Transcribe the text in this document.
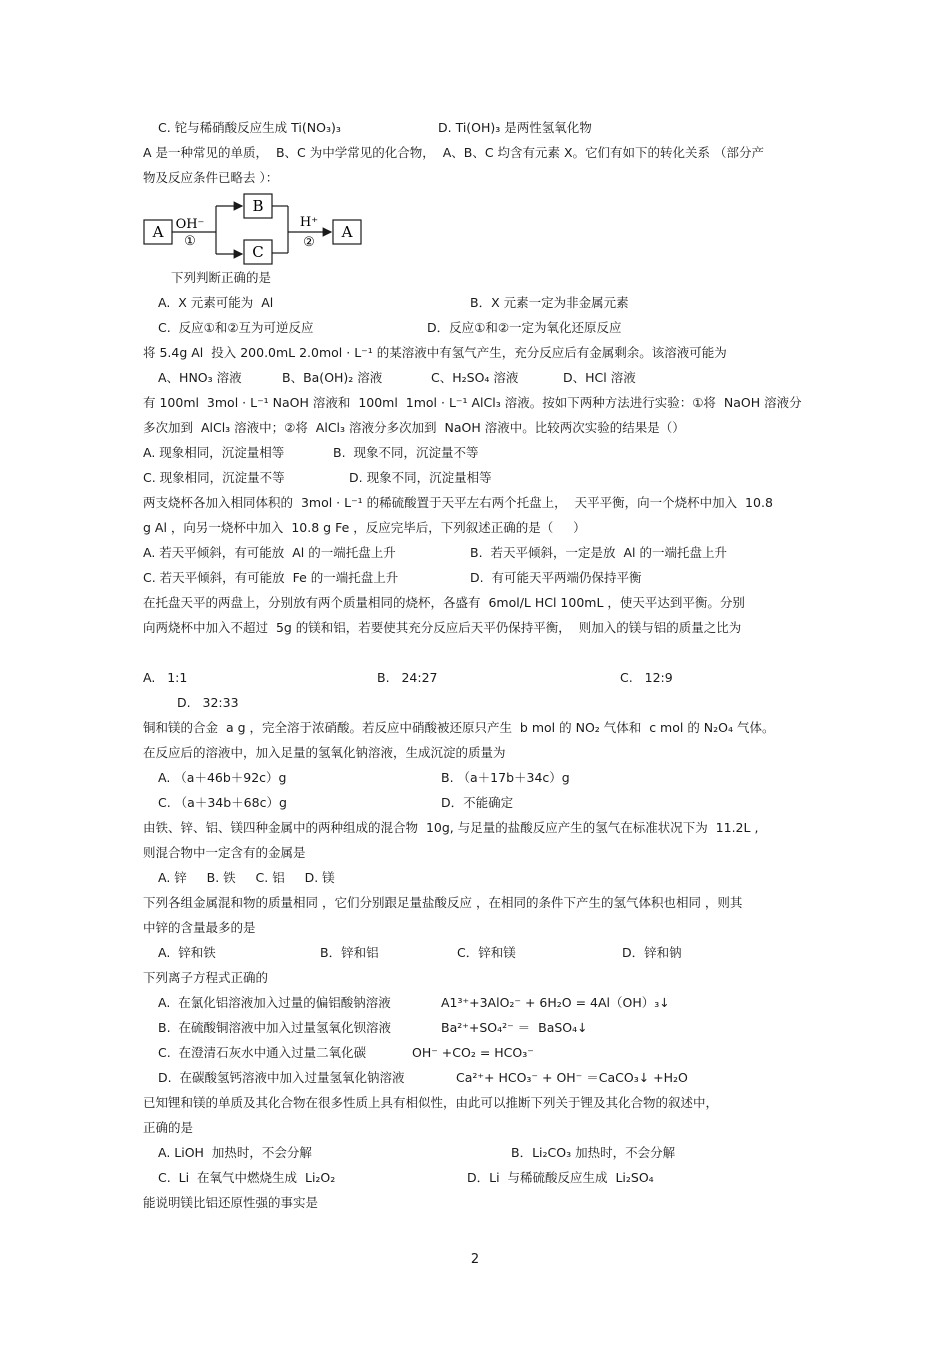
C. 铊与稀硝酸反应生成 Ti(NO₃)₃	D. Ti(OH)₃ 是两性氢氧化物
A 是一种常见的单质，  B、C 为中学常见的化合物，  A、B、C 均含有元素 X。它们有如下的转化关系 （部分产
物及反应条件已略去 ）：
下列判断正确的是
A.  X 元素可能为  Al	B．X 元素一定为非金属元素
C.  反应①和②互为可逆反应	D．反应①和②一定为氧化还原反应
将 5.4g Al  投入 200.0mL 2.0mol · L⁻¹ 的某溶液中有氢气产生，充分反应后有金属剩余。该溶液可能为
A、HNO₃ 溶液	B、Ba(OH)₂ 溶液	C、H₂SO₄ 溶液	D、HCl 溶液
有 100ml  3mol · L⁻¹ NaOH 溶液和  100ml  1mol · L⁻¹ AlCl₃ 溶液。按如下两种方法进行实验：①将  NaOH 溶液分
多次加到  AlCl₃ 溶液中；②将  AlCl₃ 溶液分多次加到  NaOH 溶液中。比较两次实验的结果是（）
A. 现象相同，沉淀量相等	B.  现象不同，沉淀量不等
C. 现象相同，沉淀量不等	D. 现象不同，沉淀量相等
两支烧杯各加入相同体积的  3mol · L⁻¹ 的稀硫酸置于天平左右两个托盘上，  天平平衡，向一个烧杯中加入  10.8
g Al ，向另一烧杯中加入  10.8 g Fe ，反应完毕后，下列叙述正确的是（     ）
A. 若天平倾斜，有可能放  Al 的一端托盘上升	B.  若天平倾斜，一定是放  Al 的一端托盘上升
C. 若天平倾斜，有可能放  Fe 的一端托盘上升	D.  有可能天平两端仍保持平衡
在托盘天平的两盘上，分别放有两个质量相同的烧杯，各盛有  6mol/L HCl 100mL ，使天平达到平衡。分别
向两烧杯中加入不超过  5g 的镁和铝，若要使其充分反应后天平仍保持平衡，  则加入的镁与铝的质量之比为
A.   1:1	B.   24:27	C.   12:9
D.   32:33
铜和镁的合金  a g ，完全溶于浓硝酸。若反应中硝酸被还原只产生  b mol 的 NO₂ 气体和  c mol 的 N₂O₄ 气体。
在反应后的溶液中，加入足量的氢氧化钠溶液，生成沉淀的质量为
A. （a＋46b＋92c）g	B. （a＋17b＋34c）g
C. （a＋34b＋68c）g	D．不能确定
由铁、锌、铝、镁四种金属中的两种组成的混合物  10g, 与足量的盐酸反应产生的氢气在标准状况下为  11.2L ,
则混合物中一定含有的金属是
A. 锌     B. 铁     C. 铝     D. 镁
下列各组金属混和物的质量相同 ，它们分别跟足量盐酸反应 ，在相同的条件下产生的氢气体积也相同 ，则其
中锌的含量最多的是
A.  锌和铁	B．锌和铝	C．锌和镁	D．锌和钠
下列离子方程式正确的
A.  在氯化铝溶液加入过量的偏铝酸钠溶液	A1³⁺+3AlO₂⁻ + 6H₂O = 4Al（OH）₃↓
B.  在硫酸铜溶液中加入过量氢氧化钡溶液	Ba²⁺+SO₄²⁻ ＝  BaSO₄↓
C.  在澄清石灰水中通入过量二氧化碳	OH⁻ +CO₂ = HCO₃⁻
D.  在碳酸氢钙溶液中加入过量氢氧化钠溶液	Ca²⁺+ HCO₃⁻ + OH⁻ ＝CaCO₃↓ +H₂O
已知锂和镁的单质及其化合物在很多性质上具有相似性，由此可以推断下列关于锂及其化合物的叙述中，
正确的是
A. LiOH  加热时，不会分解	B．Li₂CO₃ 加热时，不会分解
C.  Li  在氧气中燃烧生成  Li₂O₂	D．Li  与稀硫酸反应生成  Li₂SO₄
能说明镁比铝还原性强的事实是
A OH⁻
①
B
C
H⁺
②
A
2
